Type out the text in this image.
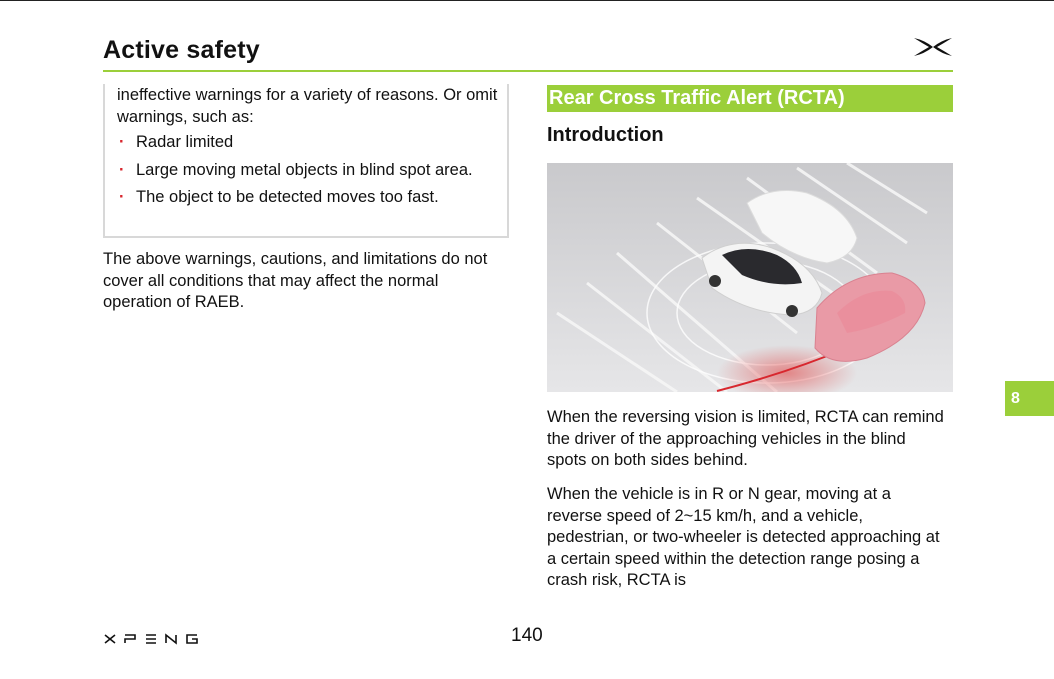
Active safety
ineffective warnings for a variety of reasons. Or omit warnings, such as:
· Radar limited
· Large moving metal objects in blind spot area.
· The object to be detected moves too fast.
The above warnings, cautions, and limitations do not cover all conditions that may affect the normal operation of RAEB.
Rear Cross Traffic Alert (RCTA)
Introduction
When the reversing vision is limited, RCTA can remind the driver of the approaching vehicles in the blind spots on both sides behind.
When the vehicle is in R or N gear, moving at a reverse speed of 2~15 km/h, and a vehicle, pedestrian, or two-wheeler is detected approaching at a certain speed within the detection range posing a crash risk, RCTA is
8
140
